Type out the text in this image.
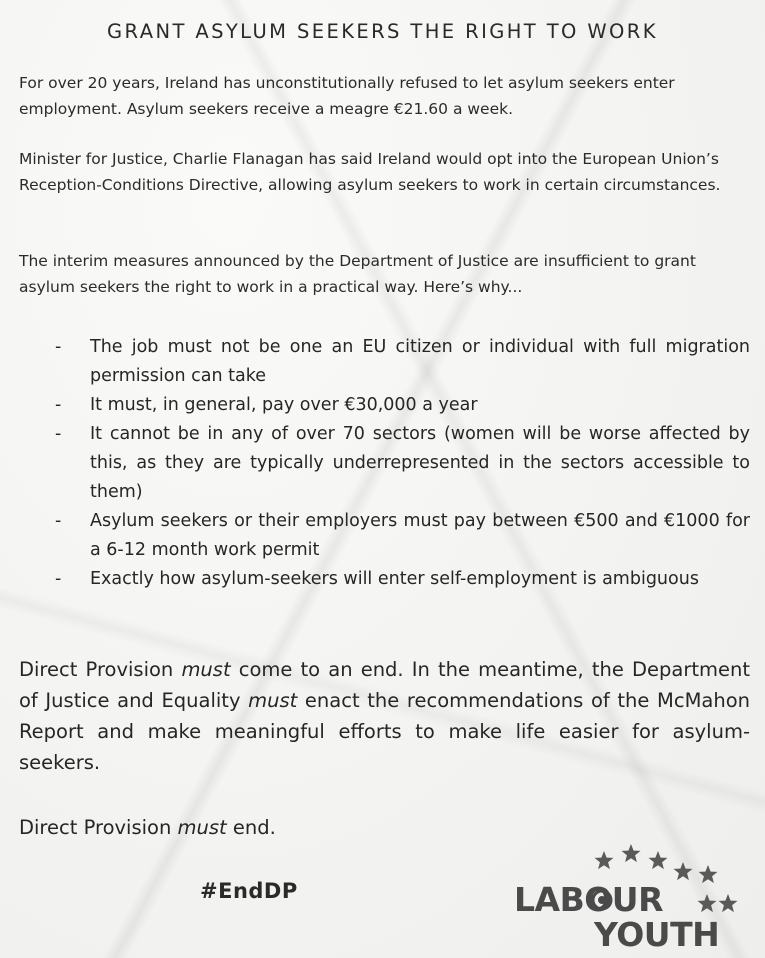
GRANT ASYLUM SEEKERS THE RIGHT TO WORK
For over 20 years, Ireland has unconstitutionally refused to let asylum seekers enter employment. Asylum seekers receive a meagre €21.60 a week.
Minister for Justice, Charlie Flanagan has said Ireland would opt into the European Union’s Reception-Conditions Directive, allowing asylum seekers to work in certain circumstances.
The interim measures announced by the Department of Justice are insufficient to grant asylum seekers the right to work in a practical way. Here’s why...
-	The job must not be one an EU citizen or individual with full migration permission can take
-	It must, in general, pay over €30,000 a year
-	It cannot be in any of over 70 sectors (women will be worse affected by this, as they are typically underrepresented in the sectors accessible to them)
-	Asylum seekers or their employers must pay between €500 and €1000 for a 6-12 month work permit
-	Exactly how asylum-seekers will enter self-employment is ambiguous
Direct Provision must come to an end. In the meantime, the Department of Justice and Equality must enact the recommendations of the McMahon Report and make meaningful efforts to make life easier for asylum-seekers.
Direct Provision must end.
#EndDP	LABOUR
YOUTH
